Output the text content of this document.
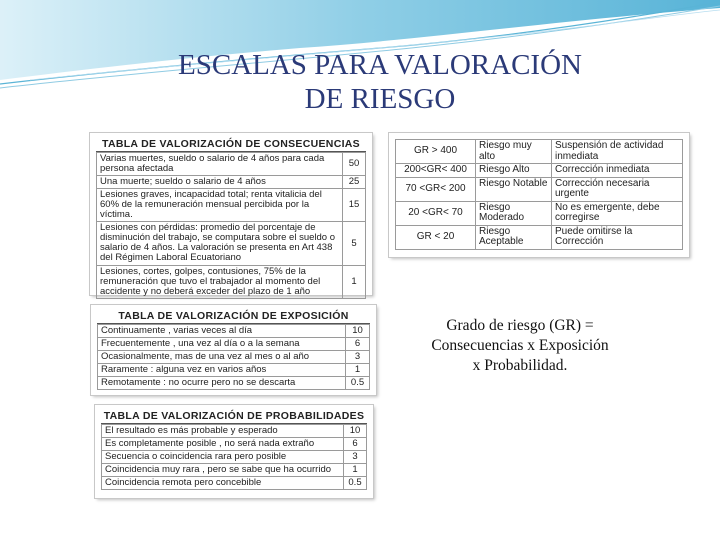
ESCALAS PARA VALORACIÓN
DE RIESGO
TABLA DE VALORIZACIÓN DE CONSECUENCIAS
Varias muertes, sueldo o salario de 4 años para cada persona afectada	50
Una muerte; sueldo o salario de 4 años	25
Lesiones graves, incapacidad total; renta vitalicia del 60% de la remuneración mensual percibida por la víctima.	15
Lesiones con pérdidas: promedio del porcentaje de disminución del trabajo, se computara sobre el sueldo o salario de 4 años. La valoración se presenta en Art 438 del Régimen Laboral Ecuatoriano	5
Lesiones, cortes, golpes, contusiones, 75% de la remuneración que tuvo el trabajador al momento del accidente y no deberá exceder del plazo de 1 año	1
GR > 400	Riesgo muy alto	Suspensión de actividad inmediata
200<GR< 400	Riesgo Alto	Corrección inmediata
70 <GR< 200	Riesgo Notable	Corrección necesaria urgente
20 <GR< 70	Riesgo Moderado	No es emergente, debe corregirse
GR < 20	Riesgo Aceptable	Puede omitirse la Corrección
TABLA DE VALORIZACIÓN DE EXPOSICIÓN
Continuamente , varias veces al día	10
Frecuentemente , una vez al día o a la semana	6
Ocasionalmente, mas de una vez al mes o al año	3
Raramente : alguna vez en varios años	1
Remotamente : no ocurre pero no se descarta	0.5
TABLA DE VALORIZACIÓN DE PROBABILIDADES
El resultado es más probable y esperado	10
Es completamente posible , no será nada extraño	6
Secuencia o coincidencia rara pero posible	3
Coincidencia muy rara , pero se sabe que ha ocurrido	1
Coincidencia remota pero concebible	0.5
Grado de riesgo (GR) =
Consecuencias x Exposición
x Probabilidad.
